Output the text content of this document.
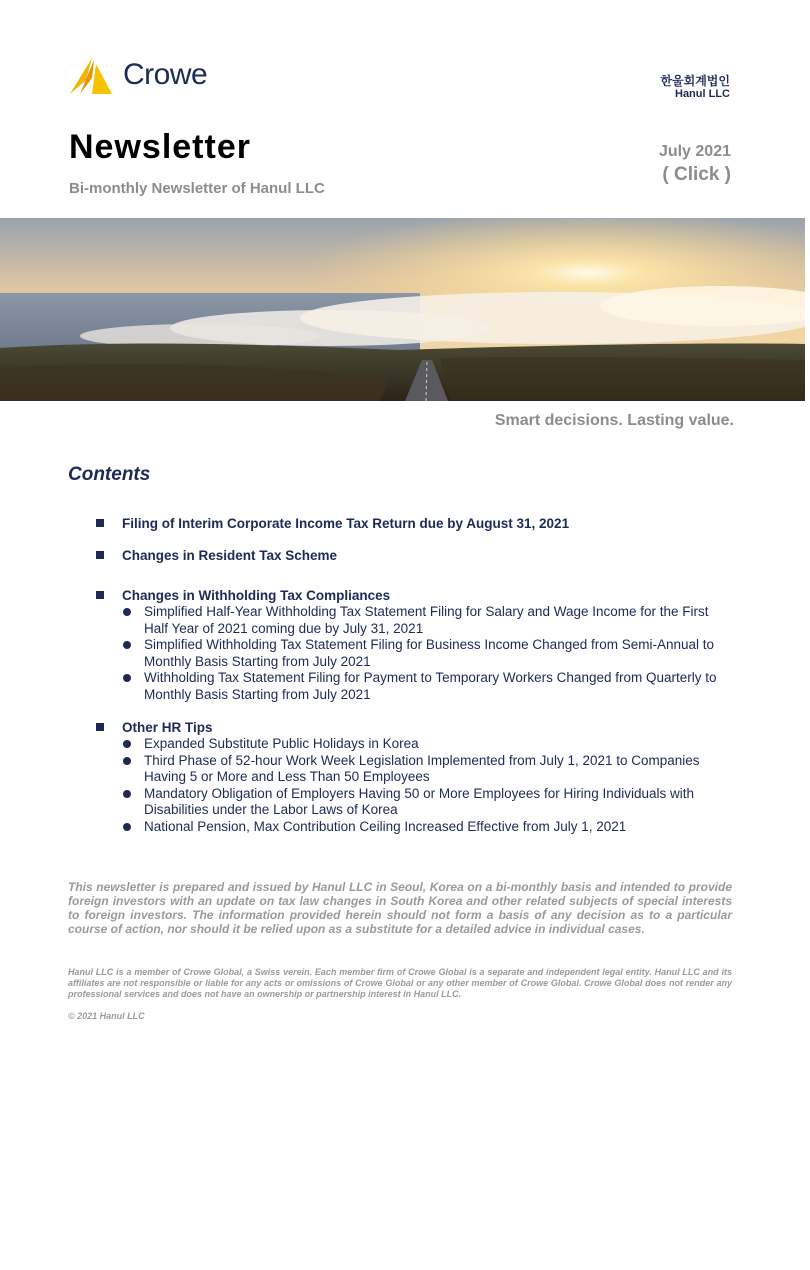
Crowe	한울회계법인
Hanul LLC
Newsletter
Bi-monthly Newsletter of Hanul LLC
July 2021
( Click )
Smart decisions. Lasting value.
Contents
Filing of Interim Corporate Income Tax Return due by August 31, 2021
Changes in Resident Tax Scheme
Changes in Withholding Tax Compliances
Simplified Half-Year Withholding Tax Statement Filing for Salary and Wage Income for the First Half Year of 2021 coming due by July 31, 2021
Simplified Withholding Tax Statement Filing for Business Income Changed from Semi-Annual to Monthly Basis Starting from July 2021
Withholding Tax Statement Filing for Payment to Temporary Workers Changed from Quarterly to Monthly Basis Starting from July 2021
Other HR Tips
Expanded Substitute Public Holidays in Korea
Third Phase of 52-hour Work Week Legislation Implemented from July 1, 2021 to Companies Having 5 or More and Less Than 50 Employees
Mandatory Obligation of Employers Having 50 or More Employees for Hiring Individuals with Disabilities under the Labor Laws of Korea
National Pension, Max Contribution Ceiling Increased Effective from July 1, 2021
This newsletter is prepared and issued by Hanul LLC in Seoul, Korea on a bi-monthly basis and intended to provide foreign investors with an update on tax law changes in South Korea and other related subjects of special interests to foreign investors. The information provided herein should not form a basis of any decision as to a particular course of action, nor should it be relied upon as a substitute for a detailed advice in individual cases.
Hanul LLC is a member of Crowe Global, a Swiss verein. Each member firm of Crowe Global is a separate and independent legal entity. Hanul LLC and its affiliates are not responsible or liable for any acts or omissions of Crowe Global or any other member of Crowe Global. Crowe Global does not render any professional services and does not have an ownership or partnership interest in Hanul LLC.
© 2021 Hanul LLC
